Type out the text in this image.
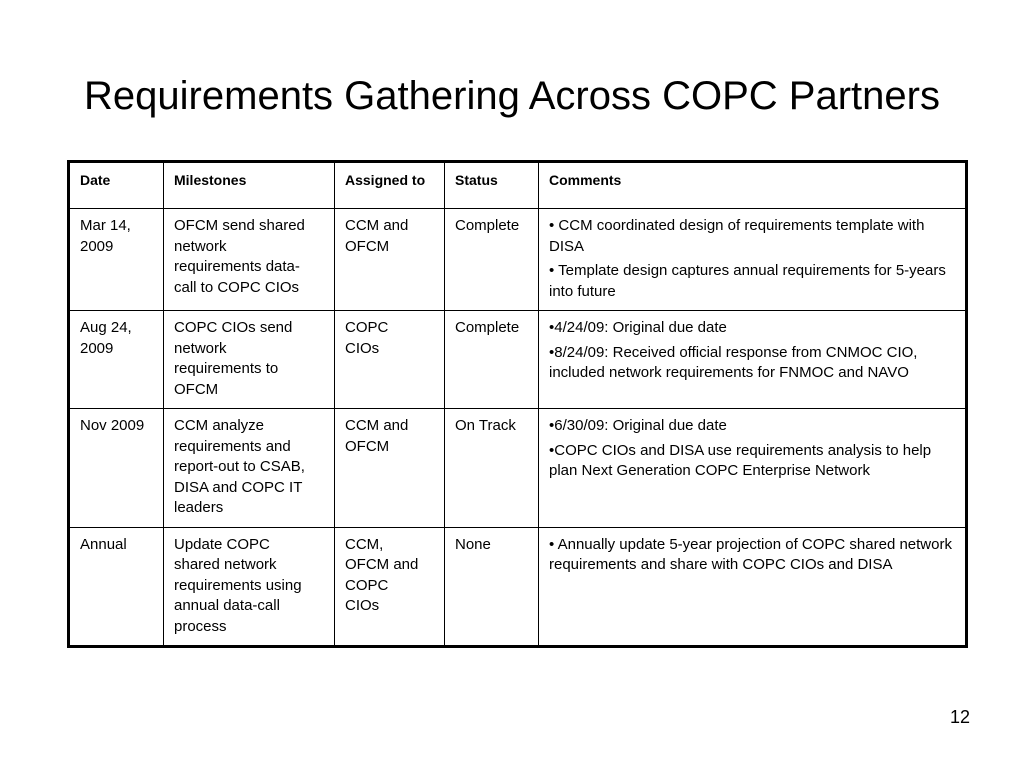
Requirements Gathering Across COPC Partners
Date	Milestones	Assigned to	Status	Comments

Mar 14,
2009	OFCM send shared
network
requirements data-
call to COPC CIOs	CCM and
OFCM	Complete	• CCM coordinated design of requirements template with DISA
• Template design captures annual requirements for 5-years into future

Aug 24,
2009	COPC CIOs send
network
requirements to
OFCM	COPC
CIOs	Complete	•4/24/09: Original due date
•8/24/09: Received official response from CNMOC CIO, included network requirements for FNMOC and NAVO

Nov 2009	CCM analyze
requirements and
report-out to CSAB,
DISA and COPC IT
leaders	CCM and
OFCM	On Track	•6/30/09: Original due date
•COPC CIOs and DISA use requirements analysis to help plan Next Generation COPC Enterprise Network

Annual	Update COPC
shared network
requirements using
annual data-call
process	CCM,
OFCM and
COPC
CIOs	None	• Annually update 5-year projection of COPC shared network requirements and share with COPC CIOs and DISA
12
